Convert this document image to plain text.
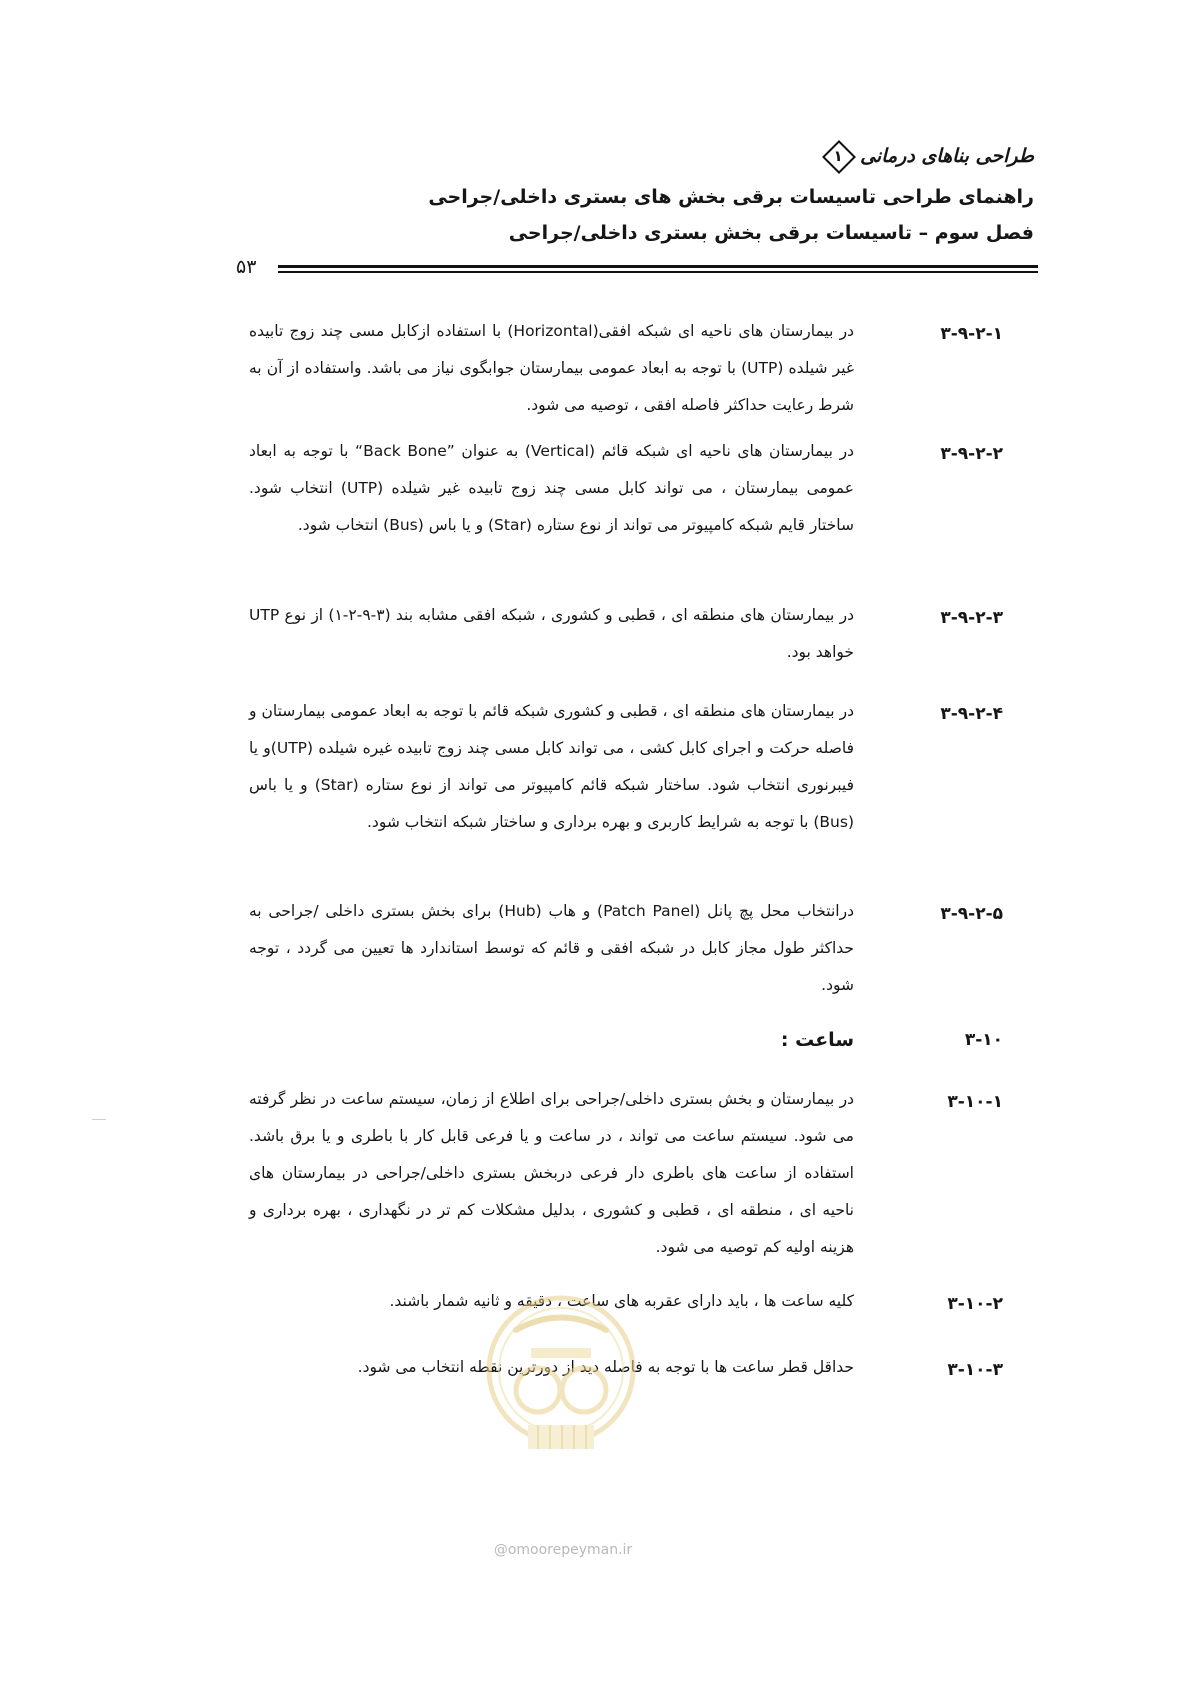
طراحی بناهای درمانی
۱
راهنمای طراحی تاسیسات برقی بخش های بستری داخلی/جراحی
فصل سوم – تاسیسات برقی بخش بستری داخلی/جراحی
۵۳
۳-۹-۲-۱
در بیمارستان های ناحیه ای شبکه افقی(Horizontal) با استفاده ازکابل مسی چند زوج تابیده غیر شیلده (UTP) با توجه به ابعاد عمومی بیمارستان جوابگوی نیاز می باشد. واستفاده از آن به شرط رعایت حداکثر فاصله افقی ، توصیه می شود.
۳-۹-۲-۲
در بیمارستان های ناحیه ای شبکه قائم (Vertical) به عنوان ”Back Bone“ با توجه به ابعاد عمومی بیمارستان ، می تواند کابل مسی چند زوج تابیده غیر شیلده (UTP) انتخاب شود. ساختار قایم شبکه کامپیوتر می تواند از نوع ستاره (Star) و یا باس (Bus) انتخاب شود.
۳-۹-۲-۳
در بیمارستان های منطقه ای ، قطبی و کشوری ، شبکه افقی مشابه بند (۳-۹-۲-۱) از نوع UTP خواهد بود.
۳-۹-۲-۴
در بیمارستان های منطقه ای ، قطبی و کشوری شبکه قائم با توجه به ابعاد عمومی بیمارستان و فاصله حرکت و اجرای کابل کشی ، می تواند کابل مسی چند زوج تابیده غیره شیلده (UTP)و یا فیبرنوری انتخاب شود. ساختار شبکه قائم کامپیوتر می تواند از نوع ستاره (Star) و یا باس (Bus) با توجه به شرایط کاربری و بهره برداری و ساختار شبکه انتخاب شود.
۳-۹-۲-۵
درانتخاب محل پچ پانل (Patch Panel) و هاب (Hub) برای بخش بستری داخلی /جراحی به حداکثر طول مجاز کابل در شبکه افقی و قائم که توسط استاندارد ها تعیین می گردد ، توجه شود.
۳-۱۰
ساعت :
۳-۱۰-۱
در بیمارستان و بخش بستری داخلی/جراحی برای اطلاع از زمان، سیستم ساعت در نظر گرفته می شود. سیستم ساعت می تواند ، در ساعت و یا فرعی قابل کار با باطری و یا برق باشد. استفاده از ساعت های باطری دار فرعی دربخش بستری داخلی/جراحی در بیمارستان های ناحیه ای ، منطقه ای ، قطبی و کشوری ، بدلیل مشکلات کم تر در نگهداری ، بهره برداری و هزینه اولیه کم توصیه می شود.
۳-۱۰-۲
کلیه ساعت ها ، باید دارای عقربه های ساعت ، دقیقه و ثانیه شمار باشند.
۳-۱۰-۳
حداقل قطر ساعت ها با توجه به فاصله دید از دورترین نقطه انتخاب می شود.
@omoorepeyman.ir
